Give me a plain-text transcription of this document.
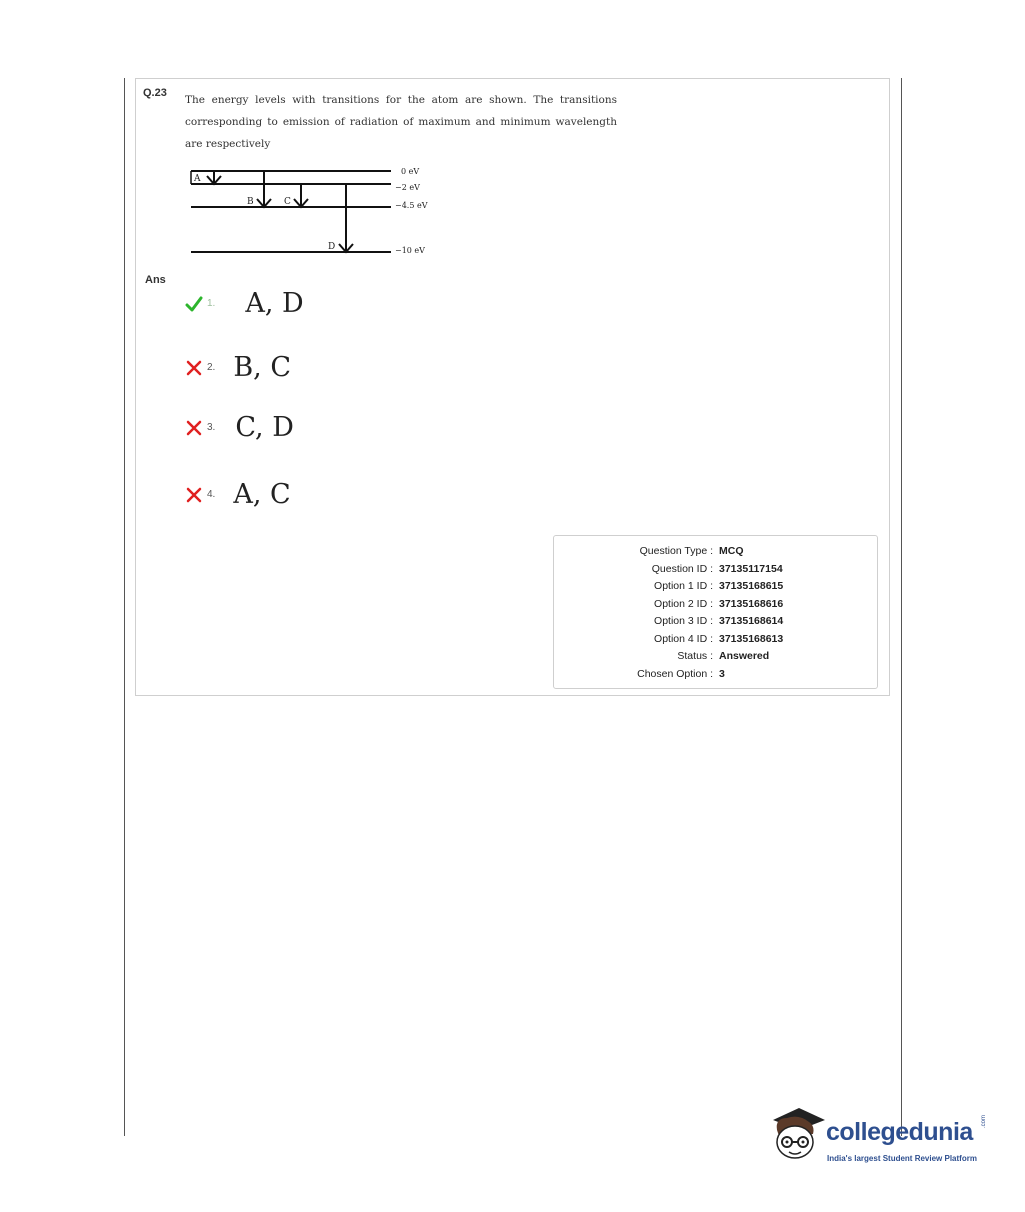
Q.23
The energy levels with transitions for the atom are shown. The transitions corresponding to emission of radiation of maximum and minimum wavelength are respectively
A
B	C
D
0 eV
−2 eV
−4.5 eV
−10 eV
Ans
1. A, D
2. B, C
3. C, D
4. A, C
Question Type : MCQ
Question ID : 37135117154
Option 1 ID : 37135168615
Option 2 ID : 37135168616
Option 3 ID : 37135168614
Option 4 ID : 37135168613
Status : Answered
Chosen Option : 3
collegedunia .com
India's largest Student Review Platform
